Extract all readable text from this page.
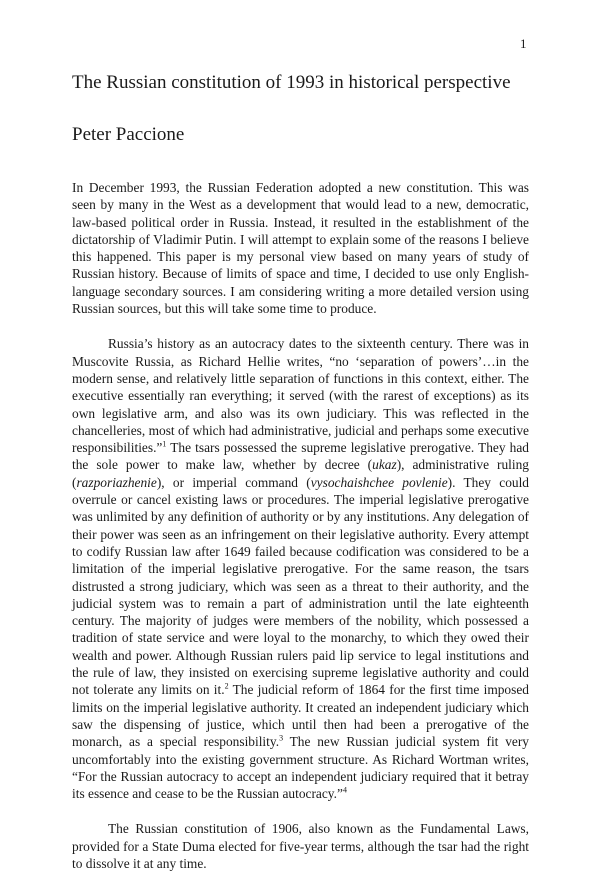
1
The Russian constitution of 1993 in historical perspective
Peter Paccione

In December 1993, the Russian Federation adopted a new constitution. This was seen by many in the West as a development that would lead to a new, democratic, law-based political order in Russia. Instead, it resulted in the establishment of the dictatorship of Vladimir Putin. I will attempt to explain some of the reasons I believe this happened. This paper is my personal view based on many years of study of Russian history. Because of limits of space and time, I decided to use only English-language secondary sources. I am considering writing a more detailed version using Russian sources, but this will take some time to produce.

Russia’s history as an autocracy dates to the sixteenth century. There was in Muscovite Russia, as Richard Hellie writes, “no ‘separation of powers’…in the modern sense, and relatively little separation of functions in this context, either. The executive essentially ran everything; it served (with the rarest of exceptions) as its own legislative arm, and also was its own judiciary. This was reflected in the chancelleries, most of which had administrative, judicial and perhaps some executive responsibilities.”$^1$ The tsars possessed the supreme legislative prerogative. They had the sole power to make law, whether by decree (ukaz), administrative ruling (razporiazhenie), or imperial command (vysochaishchee povlenie). They could overrule or cancel existing laws or procedures. The imperial legislative prerogative was unlimited by any definition of authority or by any institutions. Any delegation of their power was seen as an infringement on their legislative authority. Every attempt to codify Russian law after 1649 failed because codification was considered to be a limitation of the imperial legislative prerogative. For the same reason, the tsars distrusted a strong judiciary, which was seen as a threat to their authority, and the judicial system was to remain a part of administration until the late eighteenth century. The majority of judges were members of the nobility, which possessed a tradition of state service and were loyal to the monarchy, to which they owed their wealth and power. Although Russian rulers paid lip service to legal institutions and the rule of law, they insisted on exercising supreme legislative authority and could not tolerate any limits on it.$^2$ The judicial reform of 1864 for the first time imposed limits on the imperial legislative authority. It created an independent judiciary which saw the dispensing of justice, which until then had been a prerogative of the monarch, as a special responsibility.$^3$ The new Russian judicial system fit very uncomfortably into the existing government structure. As Richard Wortman writes, “For the Russian autocracy to accept an independent judiciary required that it betray its essence and cease to be the Russian autocracy.”$^4$

The Russian constitution of 1906, also known as the Fundamental Laws, provided for a State Duma elected for five-year terms, although the tsar had the right to dissolve it at any time.
